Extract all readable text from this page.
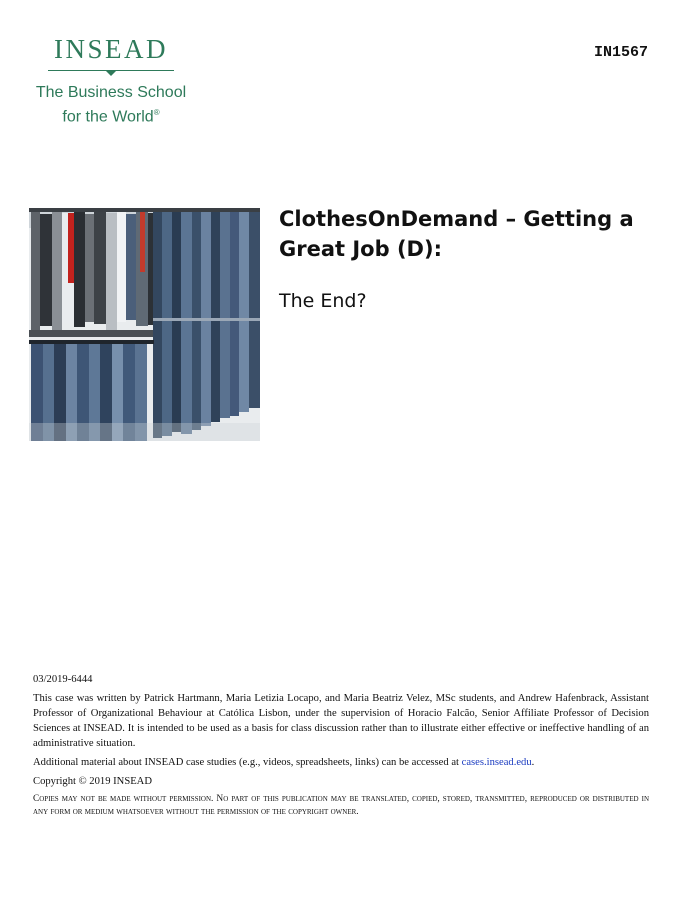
INSEAD
The Business School
for the World®
IN1567
ClothesOnDemand – Getting a Great Job (D):
The End?

03/2019-6444

This case was written by Patrick Hartmann, Maria Letizia Locapo, and Maria Beatriz Velez, MSc students, and Andrew Hafenbrack, Assistant Professor of Organizational Behaviour at Católica Lisbon, under the supervision of Horacio Falcão, Senior Affiliate Professor of Decision Sciences at INSEAD. It is intended to be used as a basis for class discussion rather than to illustrate either effective or ineffective handling of an administrative situation.

Additional material about INSEAD case studies (e.g., videos, spreadsheets, links) can be accessed at cases.insead.edu.

Copyright © 2019 INSEAD

Copies may not be made without permission. No part of this publication may be translated, copied, stored, transmitted, reproduced or distributed in any form or medium whatsoever without the permission of the copyright owner.
